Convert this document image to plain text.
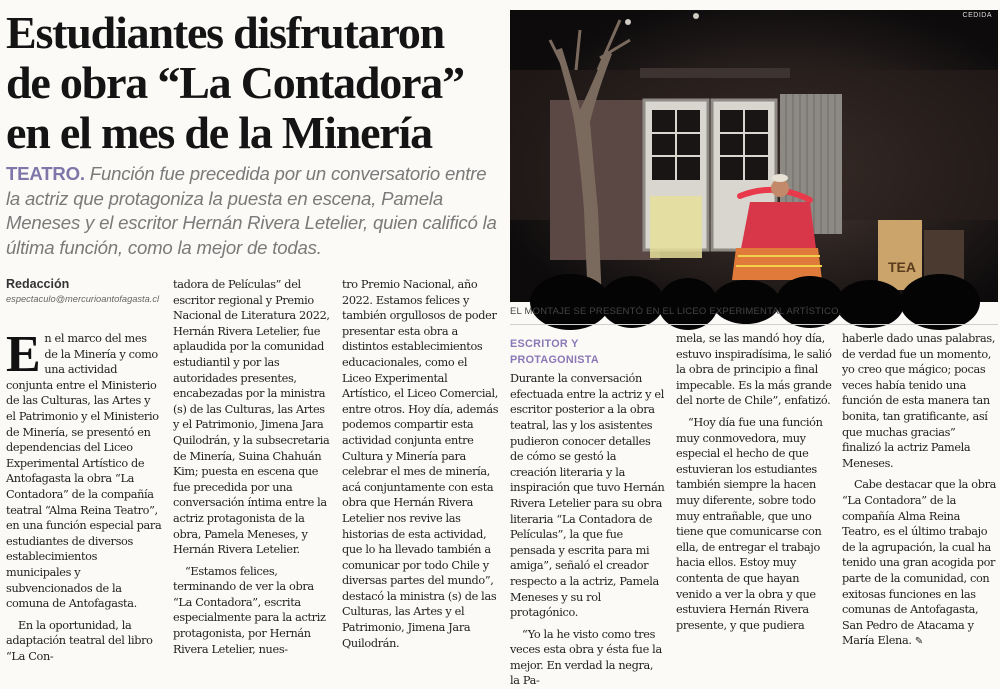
Estudiantes disfrutaron
de obra “La Contadora”
en el mes de la Minería
TEATRO. Función fue precedida por un conversatorio entre la actriz que protagoniza la puesta en escena, Pamela Meneses y el escritor Hernán Rivera Letelier, quien calificó la última función, como la mejor de todas.
Redacción
espectaculo@mercurioantofagasta.cl

En el marco del mes de la Minería y como una actividad conjunta entre el Ministerio de las Culturas, las Artes y el Patrimonio y el Ministerio de Minería, se presentó en dependencias del Liceo Experimental Artístico de Antofagasta la obra “La Contadora” de la compañía teatral “Alma Reina Teatro”, en una función especial para estudiantes de diversos establecimientos municipales y subvencionados de la comuna de Antofagasta.

En la oportunidad, la adaptación teatral del libro “La Con-

tadora de Películas” del escritor regional y Premio Nacional de Literatura 2022, Hernán Rivera Letelier, fue aplaudida por la comunidad estudiantil y por las autoridades presentes, encabezadas por la ministra (s) de las Culturas, las Artes y el Patrimonio, Jimena Jara Quilodrán, y la subsecretaria de Minería, Suina Chahuán Kim; puesta en escena que fue precedida por una conversación íntima entre la actriz protagonista de la obra, Pamela Meneses, y Hernán Rivera Letelier.

“Estamos felices, terminando de ver la obra “La Contadora”, escrita especialmente para la actriz protagonista, por Hernán Rivera Letelier, nues-

tro Premio Nacional, año 2022. Estamos felices y también orgullosos de poder presentar esta obra a distintos establecimientos educacionales, como el Liceo Experimental Artístico, el Liceo Comercial, entre otros. Hoy día, además podemos compartir esta actividad conjunta entre Cultura y Minería para celebrar el mes de minería, acá conjuntamente con esta obra que Hernán Rivera Letelier nos revive las historias de esta actividad, que lo ha llevado también a comunicar por todo Chile y diversas partes del mundo”, destacó la ministra (s) de las Culturas, las Artes y el Patrimonio, Jimena Jara Quilodrán.

TEA
CEDIDA
EL MONTAJE SE PRESENTÓ EN EL LICEO EXPERIMENTAL ARTÍSTICO.
ESCRITOR Y PROTAGONISTA

Durante la conversación efectuada entre la actriz y el escritor posterior a la obra teatral, las y los asistentes pudieron conocer detalles de cómo se gestó la creación literaria y la inspiración que tuvo Hernán Rivera Letelier para su obra literaria “La Contadora de Películas”, la que fue pensada y escrita para mi amiga”, señaló el creador respecto a la actriz, Pamela Meneses y su rol protagónico.

“Yo la he visto como tres veces esta obra y ésta fue la mejor. En verdad la negra, la Pa-

mela, se las mandó hoy día, estuvo inspiradísima, le salió la obra de principio a final impecable. Es la más grande del norte de Chile”, enfatizó.

“Hoy día fue una función muy conmovedora, muy especial el hecho de que estuvieran los estudiantes también siempre la hacen muy diferente, sobre todo muy entrañable, que uno tiene que comunicarse con ella, de entregar el trabajo hacia ellos. Estoy muy contenta de que hayan venido a ver la obra y que estuviera Hernán Rivera presente, y que pudiera

haberle dado unas palabras, de verdad fue un momento, yo creo que mágico; pocas veces había tenido una función de esta manera tan bonita, tan gratificante, así que muchas gracias” finalizó la actriz Pamela Meneses.

Cabe destacar que la obra “La Contadora” de la compañía Alma Reina Teatro, es el último trabajo de la agrupación, la cual ha tenido una gran acogida por parte de la comunidad, con exitosas funciones en las comunas de Antofagasta, San Pedro de Atacama y María Elena. ✎
